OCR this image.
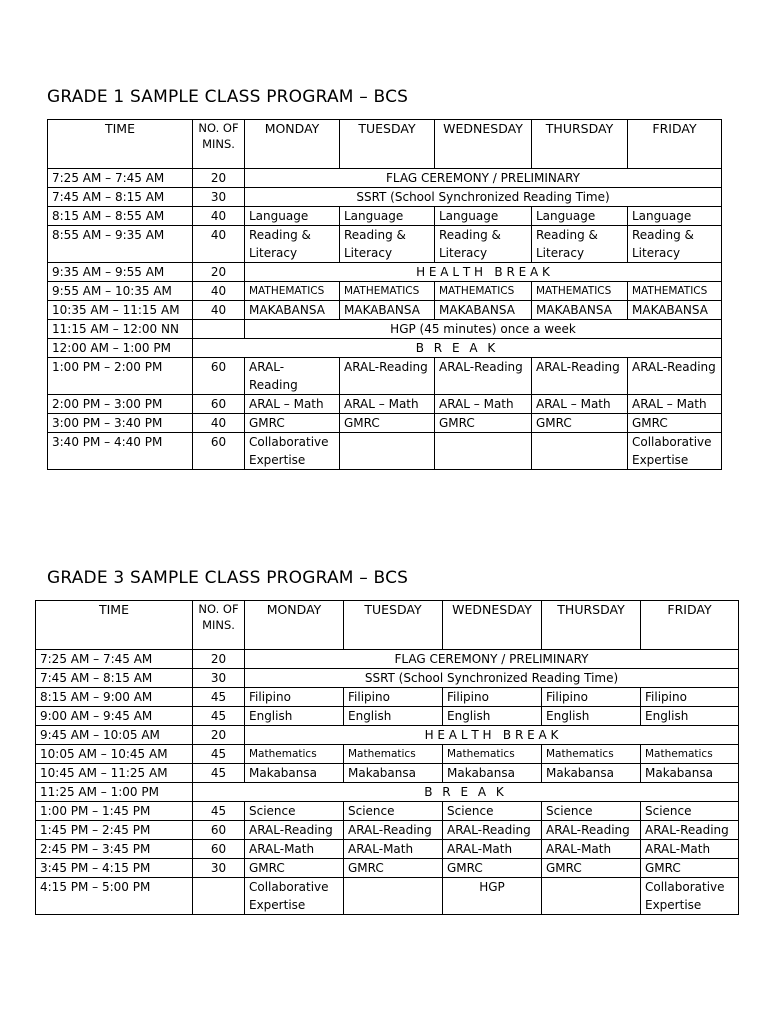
GRADE 1 SAMPLE CLASS PROGRAM – BCS
TIME	NO. OF MINS.	MONDAY	TUESDAY	WEDNESDAY	THURSDAY	FRIDAY
7:25 AM – 7:45 AM	20	FLAG CEREMONY / PRELIMINARY				
7:45 AM – 8:15 AM	30	SSRT (School Synchronized Reading Time)				
8:15 AM – 8:55 AM	40	Language	Language	Language	Language	Language
8:55 AM – 9:35 AM	40	Reading & Literacy	Reading & Literacy	Reading & Literacy	Reading & Literacy	Reading & Literacy
9:35 AM – 9:55 AM	20	H E A L T H   B R E A K				
9:55 AM – 10:35 AM	40	MATHEMATICS	MATHEMATICS	MATHEMATICS	MATHEMATICS	MATHEMATICS
10:35 AM – 11:15 AM	40	MAKABANSA	MAKABANSA	MAKABANSA	MAKABANSA	MAKABANSA
11:15 AM – 12:00 NN		HGP (45 minutes) once a week				
12:00 AM – 1:00 PM	B R E A K					
1:00 PM – 2:00 PM	60	ARAL- Reading	ARAL-Reading	ARAL-Reading	ARAL-Reading	ARAL-Reading
2:00 PM – 3:00 PM	60	ARAL – Math	ARAL – Math	ARAL – Math	ARAL – Math	ARAL – Math
3:00 PM – 3:40 PM	40	GMRC	GMRC	GMRC	GMRC	GMRC
3:40 PM – 4:40 PM	60	Collaborative Expertise				Collaborative Expertise
GRADE 3 SAMPLE CLASS PROGRAM – BCS
TIME	NO. OF MINS.	MONDAY	TUESDAY	WEDNESDAY	THURSDAY	FRIDAY
7:25 AM – 7:45 AM	20	FLAG CEREMONY / PRELIMINARY				
7:45 AM – 8:15 AM	30	SSRT (School Synchronized Reading Time)				
8:15 AM – 9:00 AM	45	Filipino	Filipino	Filipino	Filipino	Filipino
9:00 AM – 9:45 AM	45	English	English	English	English	English
9:45 AM – 10:05 AM	20	H E A L T H   B R E A K				
10:05 AM – 10:45 AM	45	Mathematics	Mathematics	Mathematics	Mathematics	Mathematics
10:45 AM – 11:25 AM	45	Makabansa	Makabansa	Makabansa	Makabansa	Makabansa
11:25 AM – 1:00 PM	B R E A K					
1:00 PM – 1:45 PM	45	Science	Science	Science	Science	Science
1:45 PM – 2:45 PM	60	ARAL-Reading	ARAL-Reading	ARAL-Reading	ARAL-Reading	ARAL-Reading
2:45 PM – 3:45 PM	60	ARAL-Math	ARAL-Math	ARAL-Math	ARAL-Math	ARAL-Math
3:45 PM – 4:15 PM	30	GMRC	GMRC	GMRC	GMRC	GMRC
4:15 PM – 5:00 PM		Collaborative Expertise		HGP		Collaborative Expertise
